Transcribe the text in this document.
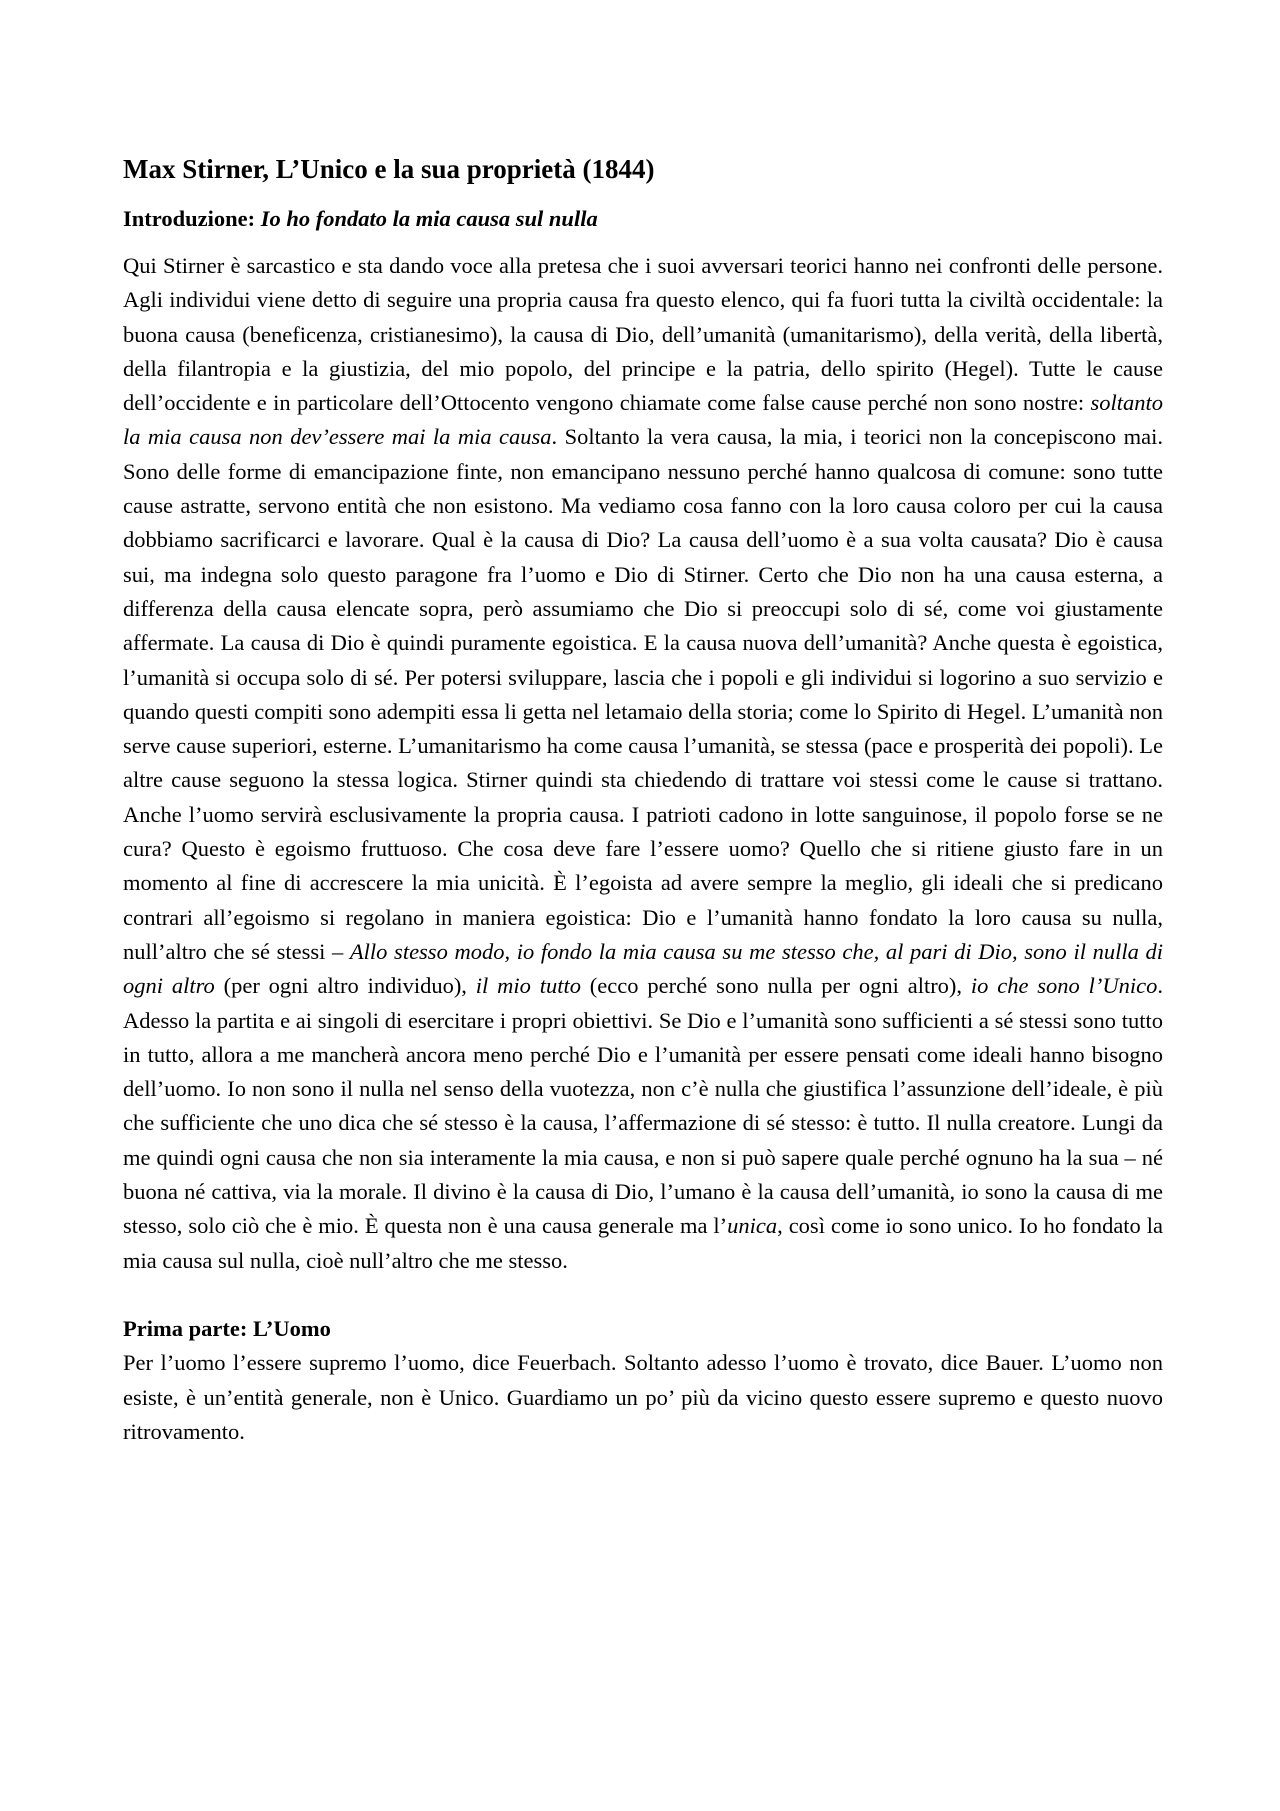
Max Stirner, L’Unico e la sua proprietà (1844)
Introduzione: Io ho fondato la mia causa sul nulla

Qui Stirner è sarcastico e sta dando voce alla pretesa che i suoi avversari teorici hanno nei confronti delle persone. Agli individui viene detto di seguire una propria causa fra questo elenco, qui fa fuori tutta la civiltà occidentale: la buona causa (beneficenza, cristianesimo), la causa di Dio, dell’umanità (umanitarismo), della verità, della libertà, della filantropia e la giustizia, del mio popolo, del principe e la patria, dello spirito (Hegel). Tutte le cause dell’occidente e in particolare dell’Ottocento vengono chiamate come false cause perché non sono nostre: soltanto la mia causa non dev’essere mai la mia causa. Soltanto la vera causa, la mia, i teorici non la concepiscono mai. Sono delle forme di emancipazione finte, non emancipano nessuno perché hanno qualcosa di comune: sono tutte cause astratte, servono entità che non esistono. Ma vediamo cosa fanno con la loro causa coloro per cui la causa dobbiamo sacrificarci e lavorare. Qual è la causa di Dio? La causa dell’uomo è a sua volta causata? Dio è causa sui, ma indegna solo questo paragone fra l’uomo e Dio di Stirner. Certo che Dio non ha una causa esterna, a differenza della causa elencate sopra, però assumiamo che Dio si preoccupi solo di sé, come voi giustamente affermate. La causa di Dio è quindi puramente egoistica. E la causa nuova dell’umanità? Anche questa è egoistica, l’umanità si occupa solo di sé. Per potersi sviluppare, lascia che i popoli e gli individui si logorino a suo servizio e quando questi compiti sono adempiti essa li getta nel letamaio della storia; come lo Spirito di Hegel. L’umanità non serve cause superiori, esterne. L’umanitarismo ha come causa l’umanità, se stessa (pace e prosperità dei popoli). Le altre cause seguono la stessa logica. Stirner quindi sta chiedendo di trattare voi stessi come le cause si trattano. Anche l’uomo servirà esclusivamente la propria causa. I patrioti cadono in lotte sanguinose, il popolo forse se ne cura? Questo è egoismo fruttuoso. Che cosa deve fare l’essere uomo? Quello che si ritiene giusto fare in un momento al fine di accrescere la mia unicità. È l’egoista ad avere sempre la meglio, gli ideali che si predicano contrari all’egoismo si regolano in maniera egoistica: Dio e l’umanità hanno fondato la loro causa su nulla, null’altro che sé stessi – Allo stesso modo, io fondo la mia causa su me stesso che, al pari di Dio, sono il nulla di ogni altro (per ogni altro individuo), il mio tutto (ecco perché sono nulla per ogni altro), io che sono l’Unico. Adesso la partita e ai singoli di esercitare i propri obiettivi. Se Dio e l’umanità sono sufficienti a sé stessi sono tutto in tutto, allora a me mancherà ancora meno perché Dio e l’umanità per essere pensati come ideali hanno bisogno dell’uomo. Io non sono il nulla nel senso della vuotezza, non c’è nulla che giustifica l’assunzione dell’ideale, è più che sufficiente che uno dica che sé stesso è la causa, l’affermazione di sé stesso: è tutto. Il nulla creatore. Lungi da me quindi ogni causa che non sia interamente la mia causa, e non si può sapere quale perché ognuno ha la sua – né buona né cattiva, via la morale. Il divino è la causa di Dio, l’umano è la causa dell’umanità, io sono la causa di me stesso, solo ciò che è mio. È questa non è una causa generale ma l’unica, così come io sono unico. Io ho fondato la mia causa sul nulla, cioè null’altro che me stesso.

Prima parte: L’Uomo

Per l’uomo l’essere supremo l’uomo, dice Feuerbach. Soltanto adesso l’uomo è trovato, dice Bauer. L’uomo non esiste, è un’entità generale, non è Unico. Guardiamo un po’ più da vicino questo essere supremo e questo nuovo ritrovamento.
